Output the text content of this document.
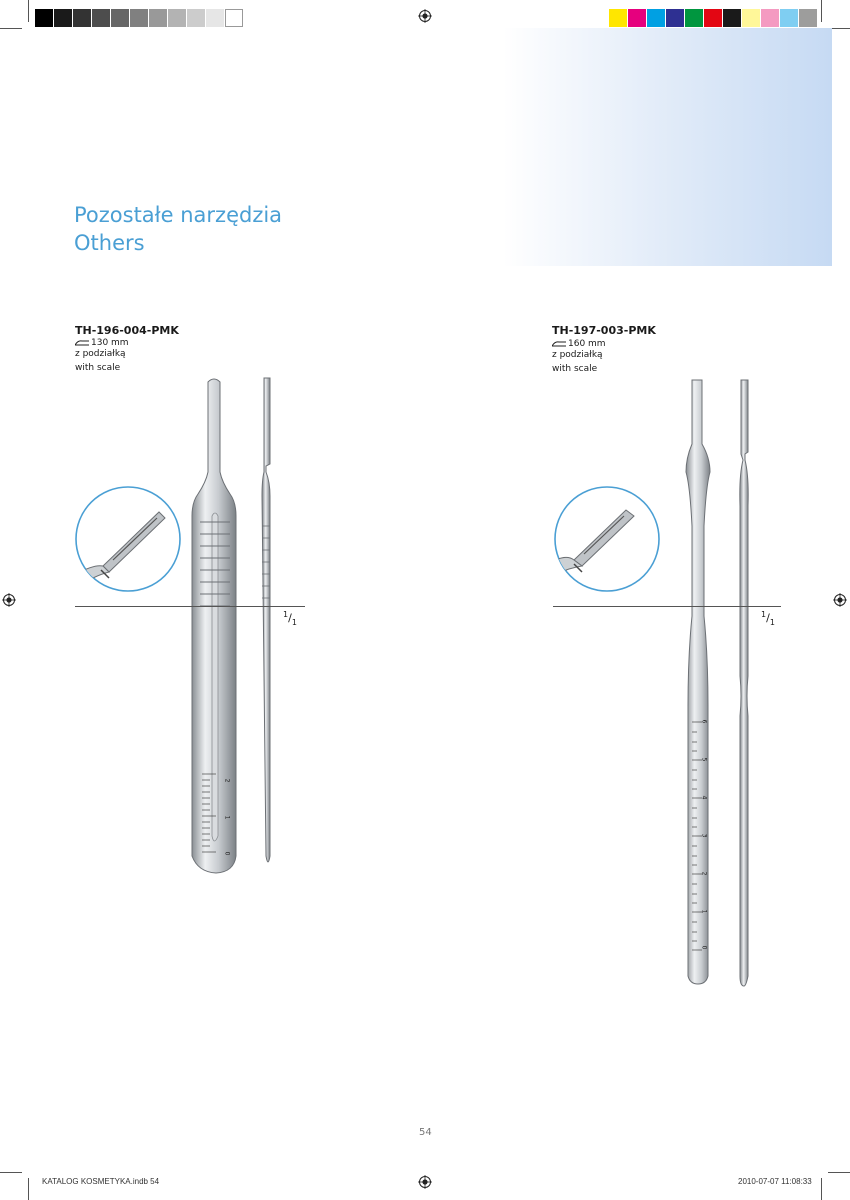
Pozostałe narzędzia
Others
TH-196-004-PMK
130 mm
z podziałką
with scale
2
1
0
$^1/_1$
TH-197-003-PMK
160 mm
z podziałką
with scale
6
5
4
3
2
1
0
$^1/_1$
54
KATALOG KOSMETYKA.indb 54	2010-07-07 11:08:33
